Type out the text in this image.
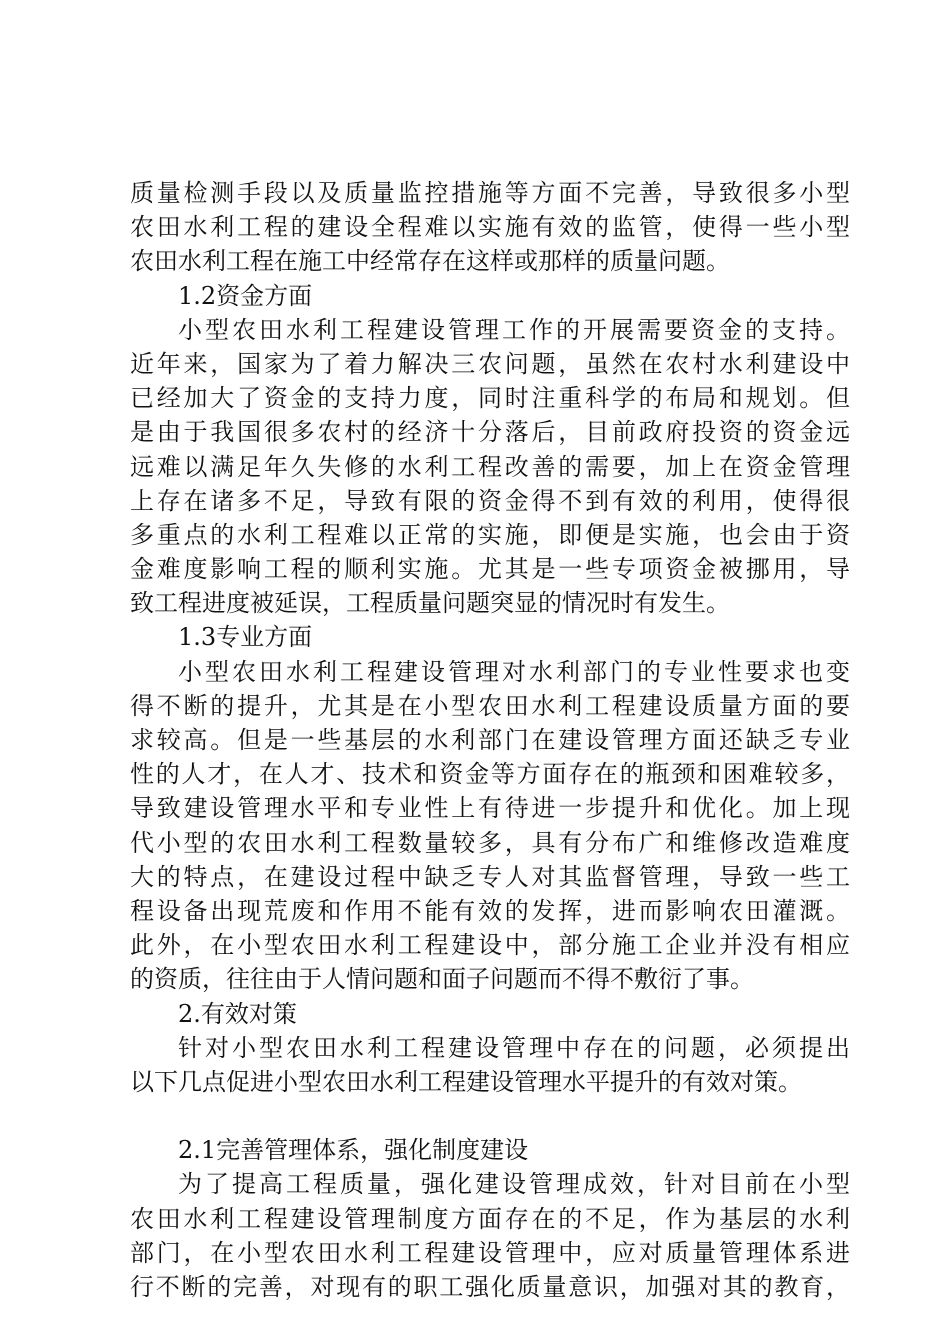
质量检测手段以及质量监控措施等方面不完善，导致很多小型
农田水利工程的建设全程难以实施有效的监管，使得一些小型
农田水利工程在施工中经常存在这样或那样的质量问题。
1.2资金方面
小型农田水利工程建设管理工作的开展需要资金的支持。
近年来，国家为了着力解决三农问题，虽然在农村水利建设中
已经加大了资金的支持力度，同时注重科学的布局和规划。但
是由于我国很多农村的经济十分落后，目前政府投资的资金远
远难以满足年久失修的水利工程改善的需要，加上在资金管理
上存在诸多不足，导致有限的资金得不到有效的利用，使得很
多重点的水利工程难以正常的实施，即便是实施，也会由于资
金难度影响工程的顺利实施。尤其是一些专项资金被挪用，导
致工程进度被延误，工程质量问题突显的情况时有发生。
1.3专业方面
小型农田水利工程建设管理对水利部门的专业性要求也变
得不断的提升，尤其是在小型农田水利工程建设质量方面的要
求较高。但是一些基层的水利部门在建设管理方面还缺乏专业
性的人才，在人才、技术和资金等方面存在的瓶颈和困难较多，
导致建设管理水平和专业性上有待进一步提升和优化。加上现
代小型的农田水利工程数量较多，具有分布广和维修改造难度
大的特点，在建设过程中缺乏专人对其监督管理，导致一些工
程设备出现荒废和作用不能有效的发挥，进而影响农田灌溉。
此外，在小型农田水利工程建设中，部分施工企业并没有相应
的资质，往往由于人情问题和面子问题而不得不敷衍了事。
2.有效对策
针对小型农田水利工程建设管理中存在的问题，必须提出
以下几点促进小型农田水利工程建设管理水平提升的有效对策。
2.1完善管理体系，强化制度建设
为了提高工程质量，强化建设管理成效，针对目前在小型
农田水利工程建设管理制度方面存在的不足，作为基层的水利
部门，在小型农田水利工程建设管理中，应对质量管理体系进
行不断的完善，对现有的职工强化质量意识，加强对其的教育，
